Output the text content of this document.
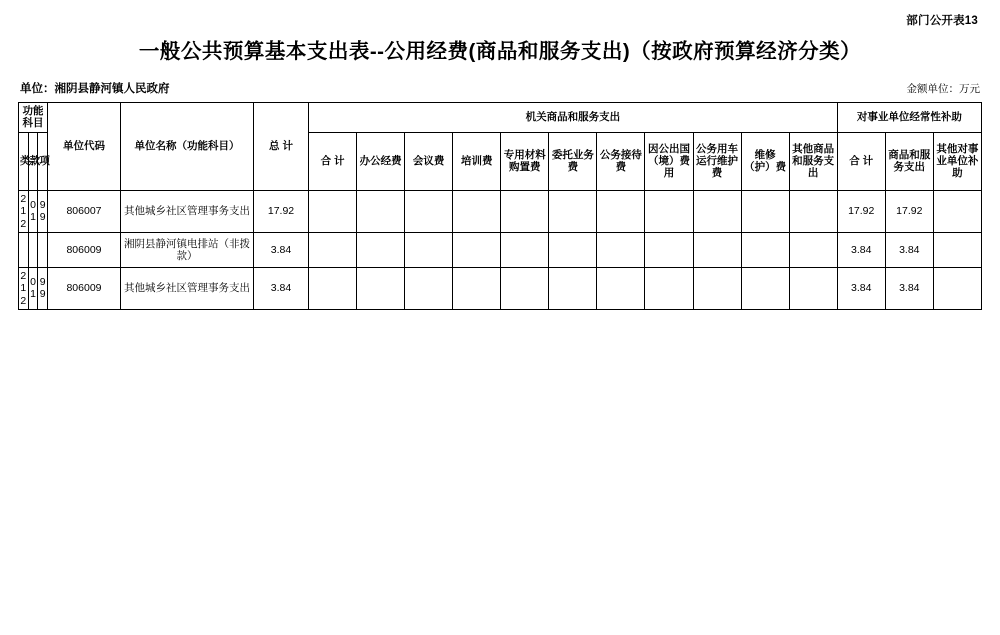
部门公开表13
一般公共预算基本支出表--公用经费(商品和服务支出)（按政府预算经济分类）
单位：湘阴县静河镇人民政府	金额单位：万元
功能科目			单位代码	单位名称（功能科目）	总 计	机关商品和服务支出											对事业单位经常性补助		
类	款	项				合 计	办公经费	会议费	培训费	专用材料购置费	委托业务费	公务接待费	因公出国（境）费用	公务用车运行维护费	维修（护）费	其他商品和服务支出	合 计	商品和服务支出	其他对事业单位补助
212	01	99	806007	其他城乡社区管理事务支出	17.92												17.92	17.92	
			806009	湘阴县静河镇电排站（非拨款）	3.84												3.84	3.84	
212	01	99	806009	其他城乡社区管理事务支出	3.84												3.84	3.84	
